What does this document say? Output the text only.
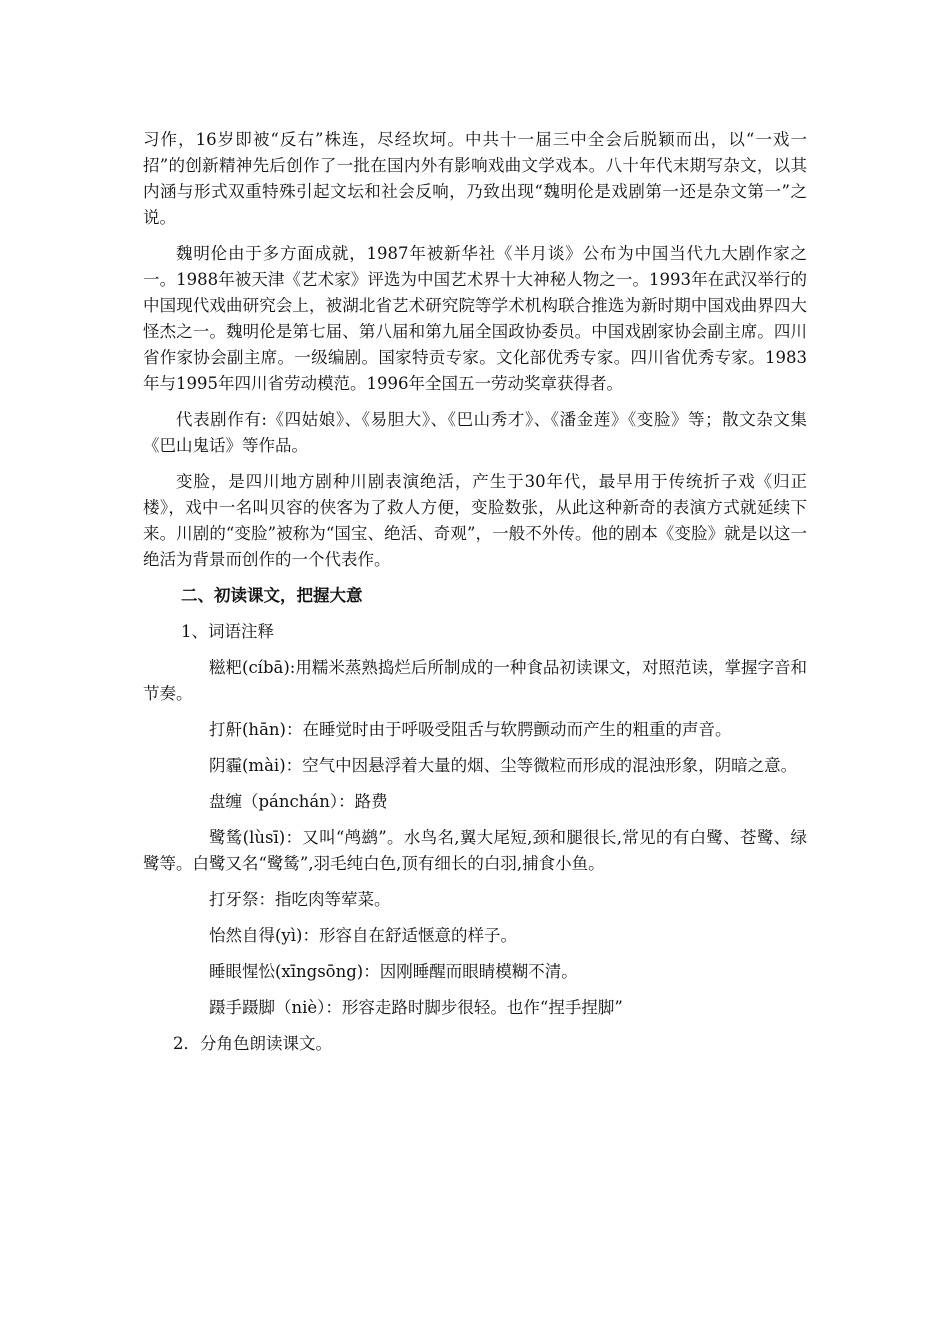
习作，16岁即被“反右”株连，尽经坎坷。中共十一届三中全会后脱颖而出，以“一戏一招”的创新精神先后创作了一批在国内外有影响戏曲文学戏本。八十年代末期写杂文，以其内涵与形式双重特殊引起文坛和社会反响，乃致出现“魏明伦是戏剧第一还是杂文第一”之说。

魏明伦由于多方面成就，1987年被新华社《半月谈》公布为中国当代九大剧作家之一。1988年被天津《艺术家》评选为中国艺术界十大神秘人物之一。1993年在武汉举行的中国现代戏曲研究会上，被湖北省艺术研究院等学术机构联合推选为新时期中国戏曲界四大怪杰之一。魏明伦是第七届、第八届和第九届全国政协委员。中国戏剧家协会副主席。四川省作家协会副主席。一级编剧。国家特贡专家。文化部优秀专家。四川省优秀专家。1983年与1995年四川省劳动模范。1996年全国五一劳动奖章获得者。

代表剧作有:《四姑娘》、《易胆大》、《巴山秀才》、《潘金莲》《变脸》等；散文杂文集《巴山鬼话》等作品。

变脸，是四川地方剧种川剧表演绝活，产生于30年代，最早用于传统折子戏《归正楼》，戏中一名叫贝容的侠客为了救人方便，变脸数张，从此这种新奇的表演方式就延续下来。川剧的“变脸”被称为“国宝、绝活、奇观”，一般不外传。他的剧本《变脸》就是以这一绝活为背景而创作的一个代表作。

二、初读课文，把握大意
1、词语注释

糍粑(cíbā):用糯米蒸熟捣烂后所制成的一种食品初读课文，对照范读，掌握字音和节奏。

打鼾(hān)：在睡觉时由于呼吸受阻舌与软腭颤动而产生的粗重的声音。

阴霾(mài)：空气中因悬浮着大量的烟、尘等微粒而形成的混浊形象，阴暗之意。

盘缠（pánchán）：路费

鹭鸶(lùsī)：又叫“鸬鹚”。水鸟名,翼大尾短,颈和腿很长,常见的有白鹭、苍鹭、绿鹭等。白鹭又名“鹭鸶”,羽毛纯白色,顶有细长的白羽,捕食小鱼。

打牙祭：指吃肉等荤菜。

怡然自得(yì)：形容自在舒适惬意的样子。

睡眼惺忪(xīngsōng)：因刚睡醒而眼睛模糊不清。

蹑手蹑脚（niè）：形容走路时脚步很轻。也作“捏手捏脚”

2．分角色朗读课文。
